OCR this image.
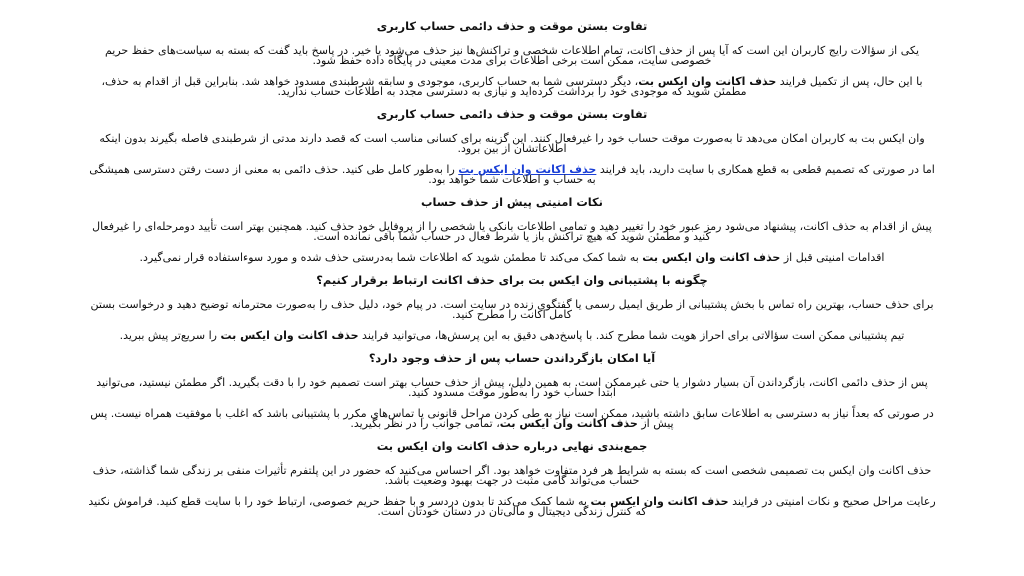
تفاوت بستن موقت و حذف دائمی حساب کاربری

یکی از سؤالات رایج کاربران این است که آیا پس از حذف اکانت، تمام اطلاعات شخصی و تراکنش‌ها نیز حذف می‌شود یا خیر. در پاسخ باید گفت که بسته به سیاست‌های حفظ حریم خصوصی سایت، ممکن است برخی اطلاعات برای مدت معینی در پایگاه داده حفظ شود.

با این حال، پس از تکمیل فرایند حذف اکانت وان ایکس بت، دیگر دسترسی شما به حساب کاربری، موجودی و سابقه شرطبندی مسدود خواهد شد. بنابراین قبل از اقدام به حذف، مطمئن شوید که موجودی خود را برداشت کرده‌اید و نیازی به دسترسی مجدد به اطلاعات حساب ندارید.

تفاوت بستن موقت و حذف دائمی حساب کاربری

وان ایکس بت به کاربران امکان می‌دهد تا به‌صورت موقت حساب خود را غیرفعال کنند. این گزینه برای کسانی مناسب است که قصد دارند مدتی از شرطبندی فاصله بگیرند بدون اینکه اطلاعاتشان از بین برود.

اما در صورتی که تصمیم قطعی به قطع همکاری با سایت دارید، باید فرایند حذف اکانت وان ایکس بت را به‌طور کامل طی کنید. حذف دائمی به معنی از دست رفتن دسترسی همیشگی به حساب و اطلاعات شما خواهد بود.

نکات امنیتی پیش از حذف حساب

پیش از اقدام به حذف اکانت، پیشنهاد می‌شود رمز عبور خود را تغییر دهید و تمامی اطلاعات بانکی یا شخصی را از پروفایل خود حذف کنید. همچنین بهتر است تأیید دومرحله‌ای را غیرفعال کنید و مطمئن شوید که هیچ تراکنش باز یا شرط فعال در حساب شما باقی نمانده است.

اقدامات امنیتی قبل از حذف اکانت وان ایکس بت به شما کمک می‌کند تا مطمئن شوید که اطلاعات شما به‌درستی حذف شده و مورد سوءاستفاده قرار نمی‌گیرد.

چگونه با پشتیبانی وان ایکس بت برای حذف اکانت ارتباط برقرار کنیم؟

برای حذف حساب، بهترین راه تماس با بخش پشتیبانی از طریق ایمیل رسمی یا گفتگوی زنده در سایت است. در پیام خود، دلیل حذف را به‌صورت محترمانه توضیح دهید و درخواست بستن کامل اکانت را مطرح کنید.

تیم پشتیبانی ممکن است سؤالاتی برای احراز هویت شما مطرح کند. با پاسخ‌دهی دقیق به این پرسش‌ها، می‌توانید فرایند حذف اکانت وان ایکس بت را سریع‌تر پیش ببرید.

آیا امکان بازگرداندن حساب پس از حذف وجود دارد؟

پس از حذف دائمی اکانت، بازگرداندن آن بسیار دشوار یا حتی غیرممکن است. به همین دلیل، پیش از حذف حساب بهتر است تصمیم خود را با دقت بگیرید. اگر مطمئن نیستید، می‌توانید ابتدا حساب خود را به‌طور موقت مسدود کنید.

در صورتی که بعداً نیاز به دسترسی به اطلاعات سابق داشته باشید، ممکن است نیاز به طی کردن مراحل قانونی یا تماس‌های مکرر با پشتیبانی باشد که اغلب با موفقیت همراه نیست. پس پیش از حذف اکانت وان ایکس بت، تمامی جوانب را در نظر بگیرید.

جمع‌بندی نهایی درباره حذف اکانت وان ایکس بت

حذف اکانت وان ایکس بت تصمیمی شخصی است که بسته به شرایط هر فرد متفاوت خواهد بود. اگر احساس می‌کنید که حضور در این پلتفرم تأثیرات منفی بر زندگی شما گذاشته، حذف حساب می‌تواند گامی مثبت در جهت بهبود وضعیت باشد.

رعایت مراحل صحیح و نکات امنیتی در فرایند حذف اکانت وان ایکس بت به شما کمک می‌کند تا بدون دردسر و با حفظ حریم خصوصی، ارتباط خود را با سایت قطع کنید. فراموش نکنید که کنترل زندگی دیجیتال و مالی‌تان در دستان خودتان است.
